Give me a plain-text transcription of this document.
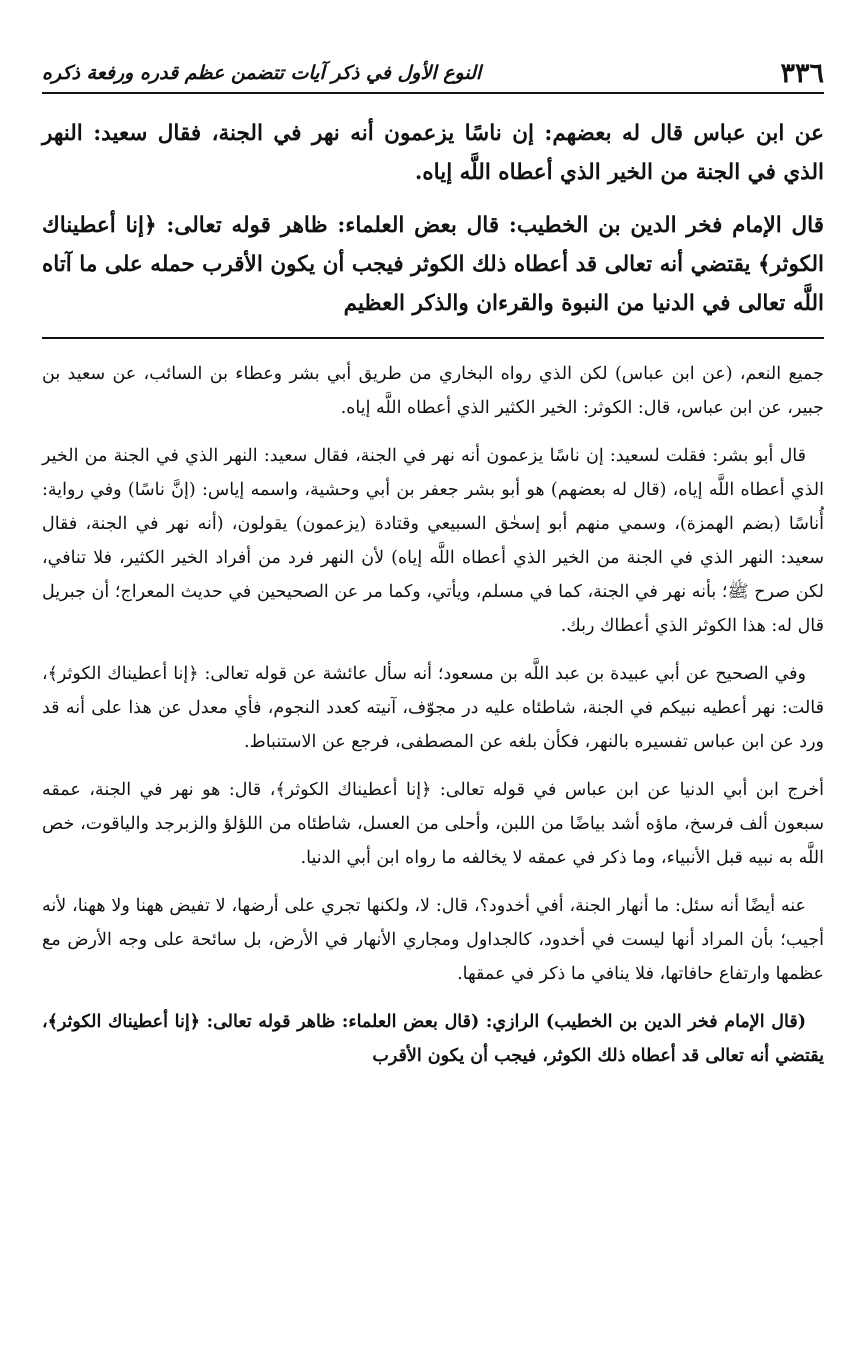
٣٣٦
النوع الأول في ذكر آيات تتضمن عظم قدره ورفعة ذكره

عن ابن عباس قال له بعضهم: إن ناسًا يزعمون أنه نهر في الجنة، فقال سعيد: النهر الذي في الجنة من الخير الذي أعطاه اللَّه إياه.

قال الإمام فخر الدين بن الخطيب: قال بعض العلماء: ظاهر قوله تعالى: ﴿إنا أعطيناك الكوثر﴾ يقتضي أنه تعالى قد أعطاه ذلك الكوثر فيجب أن يكون الأقرب حمله على ما آتاه اللَّه تعالى في الدنيا من النبوة والقرءان والذكر العظيم

جميع النعم، (عن ابن عباس) لكن الذي رواه البخاري من طريق أبي بشر وعطاء بن السائب، عن سعيد بن جبير، عن ابن عباس، قال: الكوثر: الخير الكثير الذي أعطاه اللَّه إياه.

قال أبو بشر: فقلت لسعيد: إن ناسًا يزعمون أنه نهر في الجنة، فقال سعيد: النهر الذي في الجنة من الخير الذي أعطاه اللَّه إياه، (قال له بعضهم) هو أبو بشر جعفر بن أبي وحشية، واسمه إياس: (إنَّ ناسًا) وفي رواية: أُناسًا (بضم الهمزة)، وسمي منهم أبو إسحٰق السبيعي وقتادة (يزعمون) يقولون، (أنه نهر في الجنة، فقال سعيد: النهر الذي في الجنة من الخير الذي أعطاه اللَّه إياه) لأن النهر فرد من أفراد الخير الكثير، فلا تنافي، لكن صرح ﷺ؛ بأنه نهر في الجنة، كما في مسلم، ويأتي، وكما مر عن الصحيحين في حديث المعراج؛ أن جبريل قال له: هذا الكوثر الذي أعطاك ربك.

وفي الصحيح عن أبي عبيدة بن عبد اللَّه بن مسعود؛ أنه سأل عائشة عن قوله تعالى: ﴿إنا أعطيناك الكوثر﴾، قالت: نهر أعطيه نبيكم في الجنة، شاطئاه عليه در مجوّف، آنيته كعدد النجوم، فأي معدل عن هذا على أنه قد ورد عن ابن عباس تفسيره بالنهر، فكأن بلغه عن المصطفى، فرجع عن الاستنباط.

أخرج ابن أبي الدنيا عن ابن عباس في قوله تعالى: ﴿إنا أعطيناك الكوثر﴾، قال: هو نهر في الجنة، عمقه سبعون ألف فرسخ، ماؤه أشد بياضًا من اللبن، وأحلى من العسل، شاطئاه من اللؤلؤ والزبرجد والياقوت، خص اللَّه به نبيه قبل الأنبياء، وما ذكر في عمقه لا يخالفه ما رواه ابن أبي الدنيا.

عنه أيضًا أنه سئل: ما أنهار الجنة، أفي أخدود؟، قال: لا، ولكنها تجري على أرضها، لا تفيض ههنا ولا ههنا، لأنه أجيب؛ بأن المراد أنها ليست في أخدود، كالجداول ومجاري الأنهار في الأرض، بل سائحة على وجه الأرض مع عظمها وارتفاع حافاتها، فلا ينافي ما ذكر في عمقها.

(قال الإمام فخر الدين بن الخطيب) الرازي: (قال بعض العلماء: ظاهر قوله تعالى: ﴿إنا أعطيناك الكوثر﴾، يقتضي أنه تعالى قد أعطاه ذلك الكوثر، فيجب أن يكون الأقرب
